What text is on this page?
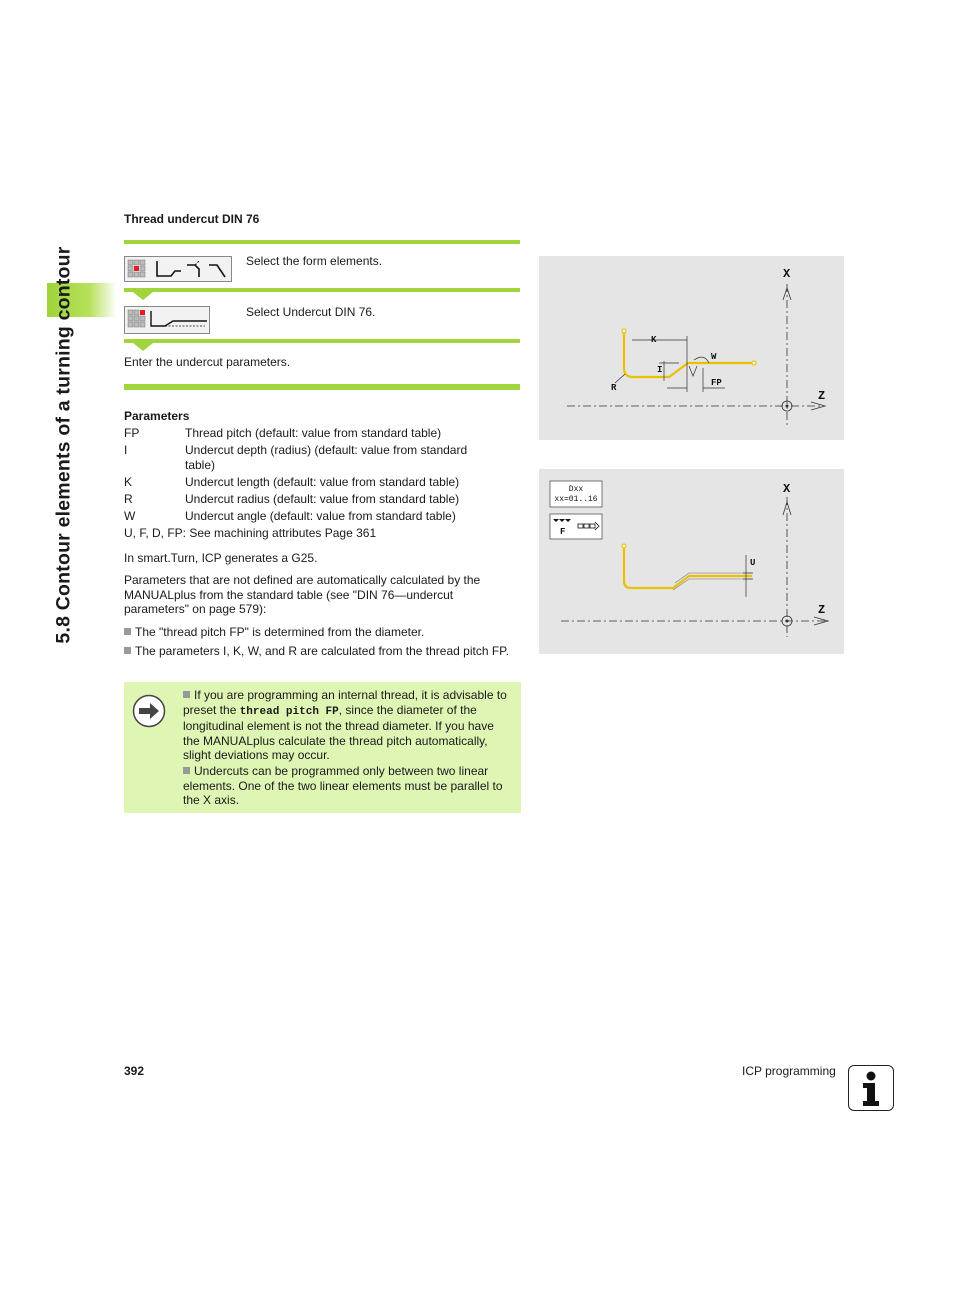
5.8 Contour elements of a turning contour
Thread undercut DIN 76
Select the form elements.
Select Undercut DIN 76.
Enter the undercut parameters.
Parameters
FP	Thread pitch (default: value from standard table)
I	Undercut depth (radius) (default: value from standard table)
K	Undercut length (default: value from standard table)
R	Undercut radius (default: value from standard table)
W	Undercut angle (default: value from standard table)
U, F, D, FP: See machining attributes Page 361
In smart.Turn, ICP generates a G25.
Parameters that are not defined are automatically calculated by the MANUALplus from the standard table (see "DIN 76—undercut parameters" on page 579):
The "thread pitch FP" is determined from the diameter.
The parameters I, K, W, and R are calculated from the thread pitch FP.
If you are programming an internal thread, it is advisable to preset the thread pitch FP, since the diameter of the longitudinal element is not the thread diameter. If you have the MANUALplus calculate the thread pitch automatically, slight deviations may occur.
Undercuts can be programmed only between two linear elements. One of the two linear elements must be parallel to the X axis.
X
Z
K
W
I
R	FP
Dxx
xx=01..16
F
X
Z
U
392	ICP programming
